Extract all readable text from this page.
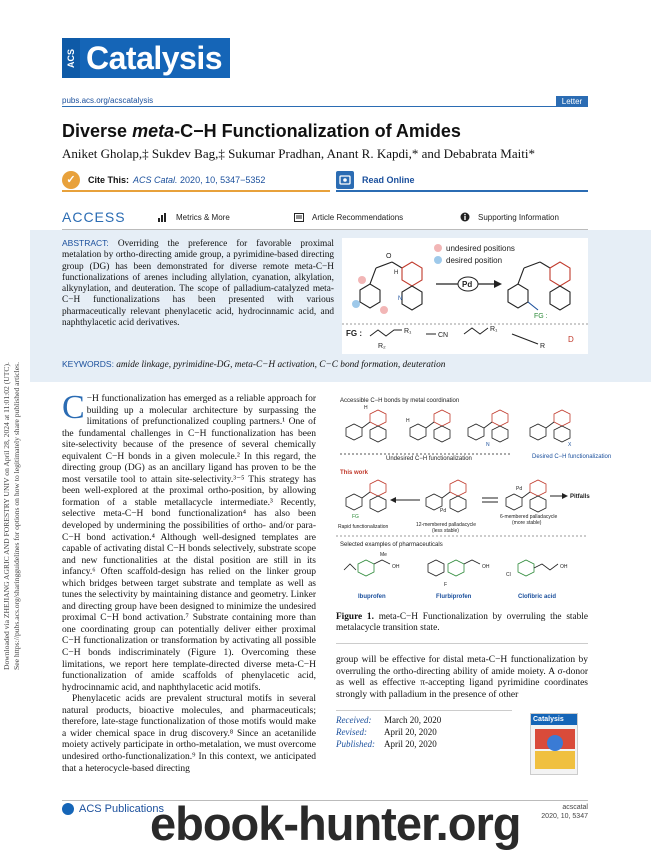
Downloaded via ZHEJIANG AGRIC AND FORESTRY UNIV on April 28, 2024 at 11:01:02 (UTC).
See https://pubs.acs.org/sharingguidelines for options on how to legitimately share published articles.
ACS Catalysis
pubs.acs.org/acscatalysis	Letter
Diverse meta-C−H Functionalization of Amides
Aniket Gholap,‡ Sukdev Bag,‡ Sukumar Pradhan, Anant R. Kapdi,* and Debabrata Maiti*
✓	Cite This: ACS Catal. 2020, 10, 5347−5352	Read Online
ACCESS	Metrics & More	Article Recommendations	Supporting Information
ABSTRACT: Overriding the preference for favorable proximal metalation by ortho-directing amide group, a pyrimidine-based directing group (DG) has been demonstrated for diverse remote meta-C−H functionalizations of arenes including allylation, cyanation, alkylation, alkynylation, and deuteration. The scope of palladium-catalyzed meta-C−H functionalizations has been presented with various pharmaceutically relevant phenylacetic acid, hydrocinnamic acid, and naphthylacetic acid derivatives.
O
H
N
undesired positions
desired position
Pd
FG :
FG :	R₁
R₂
CN
R₁
R
D
KEYWORDS: amide linkage, pyrimidine-DG, meta-C−H activation, C−C bond formation, deuteration

C −H functionalization has emerged as a reliable approach for building up a molecular architecture by surpassing the limitations of prefunctionalized coupling partners.¹ One of the fundamental challenges in C−H functionalization has been site-selectivity because of the presence of several chemically equivalent C−H bonds in a given molecule.² In this regard, the directing group (DG) as an ancillary ligand has proven to be the most versatile tool to attain site-selectivity.³⁻⁵ This strategy has been well-explored at the proximal ortho-position, by allowing formation of a stable metallacycle intermediate.³ Recently, selective meta-C−H bond functionalization⁴ has also been developed by undermining the possibilities of ortho- and/or para-C−H bond activation.⁴ Although well-designed templates are capable of activating distal C−H bonds selectively, substrate scope and new functionalities at the distal position are still in its infancy.⁶ Often scaffold-design has relied on the linker group which bridges between target substrate and template as well as tunes the selectivity by maintaining distance and geometry. Linker and directing group have been designed to minimize the undesired proximal C−H bond activation.⁷ Substrate containing more than one coordinating group can potentially deliver either proximal C−H functionalization or transformation by activating all possible C−H bonds indiscriminately (Figure 1). Overcoming these limitations, we report here template-directed diverse meta-C−H functionalization of amide scaffolds of phenylacetic acid, hydrocinnamic acid, and naphthylacetic acid motifs.

Phenylacetic acids are prevalent structural motifs in several natural products, bioactive molecules, and pharmaceuticals; therefore, late-stage functionalization of those motifs would make a wider chemical space in drug discovery.⁸ Since an acetanilide moiety actively participate in ortho-metalation, we must overcome undesired ortho-functionalization.⁹ In this context, we anticipated that a heterocycle-based directing

Accessible C−H bonds by metal coordination
H
H
N	X
Undesired C−H functionalization	Desired C−H functionalization
This work
FG
Pd
Pd
Pitfalls
Rapid functionalization	12-membered palladacycle
(less stable)
6-membered palladacycle
(more stable)
Selected examples of pharmaceuticals
Me
OH
F
OH
Cl
OH
Ibuprofen	Flurbiprofen	Clofibric acid
Figure 1. meta-C−H Functionalization by overruling the stable metalacycle transition state.
group will be effective for distal meta-C−H functionalization by overruling the ortho-directing ability of amide moiety. A σ-donor as well as effective π-accepting ligand pyrimidine coordinates strongly with palladium in the presence of other
Received:	March 20, 2020
Revised:	April 20, 2020
Published:	April 20, 2020
Catalysis
ACS Publications	acscatal
2020, 10, 5347
ebook-hunter.org
